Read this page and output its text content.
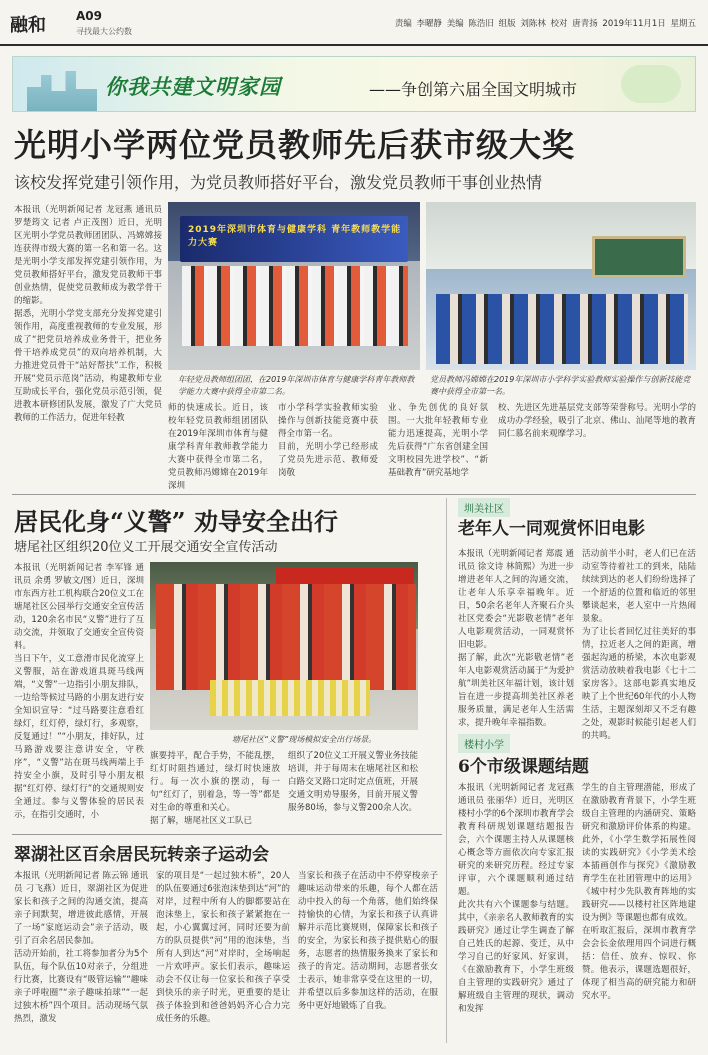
融和	A09
寻找最大公约数
责编 李曜静 美编 陈浩旧 组版 刘陈林 校对 唐青扬 2019年11月1日 星期五
你我共建文明家园	——争创第六届全国文明城市
光明小学两位党员教师先后获市级大奖
该校发挥党建引领作用，为党员教师搭好平台，激发党员教师干事创业热情
本报讯（光明新闻记者 龙冠燕 通讯员 罗楚筠文 记者 卢正茂图）近日，光明区光明小学党员教师团团队、冯嫦嫦接连获得市级大赛的第一名和第一名。这是光明小学支部发挥党建引领作用，为党员教师搭好平台，激发党员教师干事创业热情，促使党员教师成为教学骨干的缩影。
据悉，光明小学党支部充分发挥党建引领作用，高度重视教师的专业发展，形成了“把党员培养成业务骨干，把业务骨干培养成党员”的双向培养机制，大力推进党员骨干“站好帮扶”工作，积极开展“党员示范岗”活动，构建教师专业互助成长平台，强化党员示范引领，促进教本研修团队发展，激发了广大党员教师的工作活力，促进年轻教
2019年深圳市体育与健康学科 青年教师教学能力大赛
年轻党员教师组团团，在2019年深圳市体育与健康学科青年教师教学能力大赛中获得全市第二名。
党员教师冯嫦嫦在2019年深圳市小学科学实验教师实验操作与创新技能竞赛中获得全市第一名。
师的快速成长。近日，该校年轻党员教师组团团队在2019年深圳市体育与健康学科青年教师教学能力大赛中获得全市第二名，党员教师冯嫦嫦在2019年深圳
市小学科学实验教师实验操作与创新技能竞赛中获得全市第一名。
目前，光明小学已经形成了党员先进示范、教师爱岗敬
业、争先创优的良好氛围。一大批年轻教师专业能力迅速提高，光明小学先后获得“广东省创建全国文明校园先进学校”、“新基础教育”研究基地学
校、先进区先进基层党支部等荣誉称号。光明小学的成功办学经验，吸引了北京、佛山、汕尾等地的教育同仁慕名前来观摩学习。
居民化身“义警” 劝导安全出行
塘尾社区组织20位义工开展交通安全宣传活动
本报讯（光明新闻记者 李军锋 通讯员 余勇 罗敏文/图）近日，深圳市东西方社工机构联合20位义工在塘尾社区公园举行交通安全宣传活动，120余名市民“义警”进行了互动交流，并领取了交通安全宣传资料。
当日下午，义工意滑市民化流穿上义警服，站在游戏道具斑马线两端，“义警”一边指引小朋友排队，一边给等候过马路的小朋友进行安全知识宣导：“过马路要注意看红绿灯，红灯停，绿灯行，多观察，反复通过！”“小朋友，排好队，过马路游戏要注意讲安全，守秩序”，“义警”站在斑马线两端上手持安全小旗，及时引导小朋友根据“红灯停、绿灯行”的交通规则安全通过。参与义警体验的居民表示，在指引交通时，小
塘尾社区“义警”现场模拟安全出行场景。
旗要持平，配合手势，不能乱摆，红灯时阻挡通过，绿灯时快速放行。每一次小旗的摆动，每一句“红灯了，别着急，等一等”都是对生命的尊重和关心。
据了解，塘尾社区义工队已
组织了20位义工开展义警业务技能培训，并于每周末在塘尾社区和松白路交叉路口定时定点值班，开展交通文明劝导服务，目前开展义警服务80场，参与义警200余人次。
圳美社区
老年人一同观赏怀旧电影
本报讯（光明新闻记者 郑震 通讯员 徐文诗 林简熙）为进一步增进老年人之间的沟通交流，让老年人乐享幸福晚年。近日，50余名老年人齐聚石介头社区党委会“光影敬老情”老年人电影观赏活动，一同观赏怀旧电影。
据了解，此次“光影敬老情”老年人电影观赏活动属于“为爱护航”圳美社区年福计划，该计划旨在进一步提高圳美社区养老服务质量，满足老年人生活需求，提升晚年幸福指数。
活动前半小时，老人们已在活动室等待着社工的到来，陆陆续续到达的老人们纷纷选择了一个舒适的位置和临近的邻里攀谈起来，老人室中一片热闹景象。
为了让长者回忆过往美好的事情，拉近老人之间的距离，增强起沟通的桥梁，本次电影观赏活动放映着我电影《七十二家房客》。这部电影真实地反映了上个世纪60年代的小人物生活，主题深刻却又不乏有趣之处，观影时候能引起老人们的共鸣。
楼村小学
6个市级课题结题
本报讯（光明新闻记者 龙冠燕 通讯员 张丽华）近日，光明区楼村小学的6个深圳市教育学会教育科研规划课题结题报告会，六个课题主持人从课题核心概念等方面依次向专家汇报研究的来研究历程。经过专家评审，六个课题顺利通过结题。
此次共有六个课题参与结题。其中，《亲亲名人教师教育的实践研究》通过让学生调查了解自己姓氏的起源、变迁，从中学习自己的好家风、好家训，《在激励教育下，小学生班级自主管理的实践研究》通过了解班级自主管理的现状，调动和发挥
学生的自主管理潜能，形成了在激励教育背景下，小学生班级自主管理的内涵研究、策略研究和激励评价体系的构建。此外，《小学生数学拓展性阅读的实践研究》《小学美术绘本插画创作与探究》《激励教育学生在社团管理中的运用》《城中村少先队教育阵地的实践研究——以楼村社区阵地建设为例》等课题也都有成效。
在听取汇报后，深圳市教育学会会长金依理用四个词进行概括：信任、放弃、惊叹、你赞。他表示，课题选题很好，体现了相当高的研究能力和研究水平。
翠湖社区百余居民玩转亲子运动会
本报讯（光明新闻记者 陈云锦 通讯员 刁飞燕）近日，翠湖社区为促进家长和孩子之间的沟通交流，提高亲子间默契，增进彼此感情，开展了一场“家庭运动会”亲子活动，吸引了百余名居民参加。
活动开始前，社工将参加者分为5个队伍，每个队伍10对亲子，分组进行比赛，比赛设有“吸管运输”“趣味亲子呼啦圈”“亲子趣味拍球”“一起过独木桥”四个项目。活动现场气氛热烈，激发
家的项目是“一起过独木桥”，20人的队伍要通过6张泡沫垫到达“河”的对岸，过程中所有人的脚都要站在泡沫垫上，家长和孩子紧紧抱在一起，小心翼翼过河，同时还要为前方的队员提供“河”用的泡沫垫，当所有人到达“河”对岸时，全场响起一片欢呼声。家长们表示，趣味运动会不仅让每一位家长和孩子享受到快乐的亲子时光，更重要的是让孩子体验到和爸爸妈妈齐心合力完成任务的乐趣。
当家长和孩子在活动中不停穿梭亲子趣味运动带来的乐趣，每个人都在活动中投入的每一个角落，他们始终保持愉快的心情，为家长和孩子认真讲解并示范比赛规则，保障家长和孩子的安全，为家长和孩子提供贴心的服务，志愿者的热情服务换来了家长和孩子的肯定。活动期间，志愿者张女士表示，她非常享受在这里的一切，并希望以后多参加这样的活动，在服务中更好地锻炼了自我。
